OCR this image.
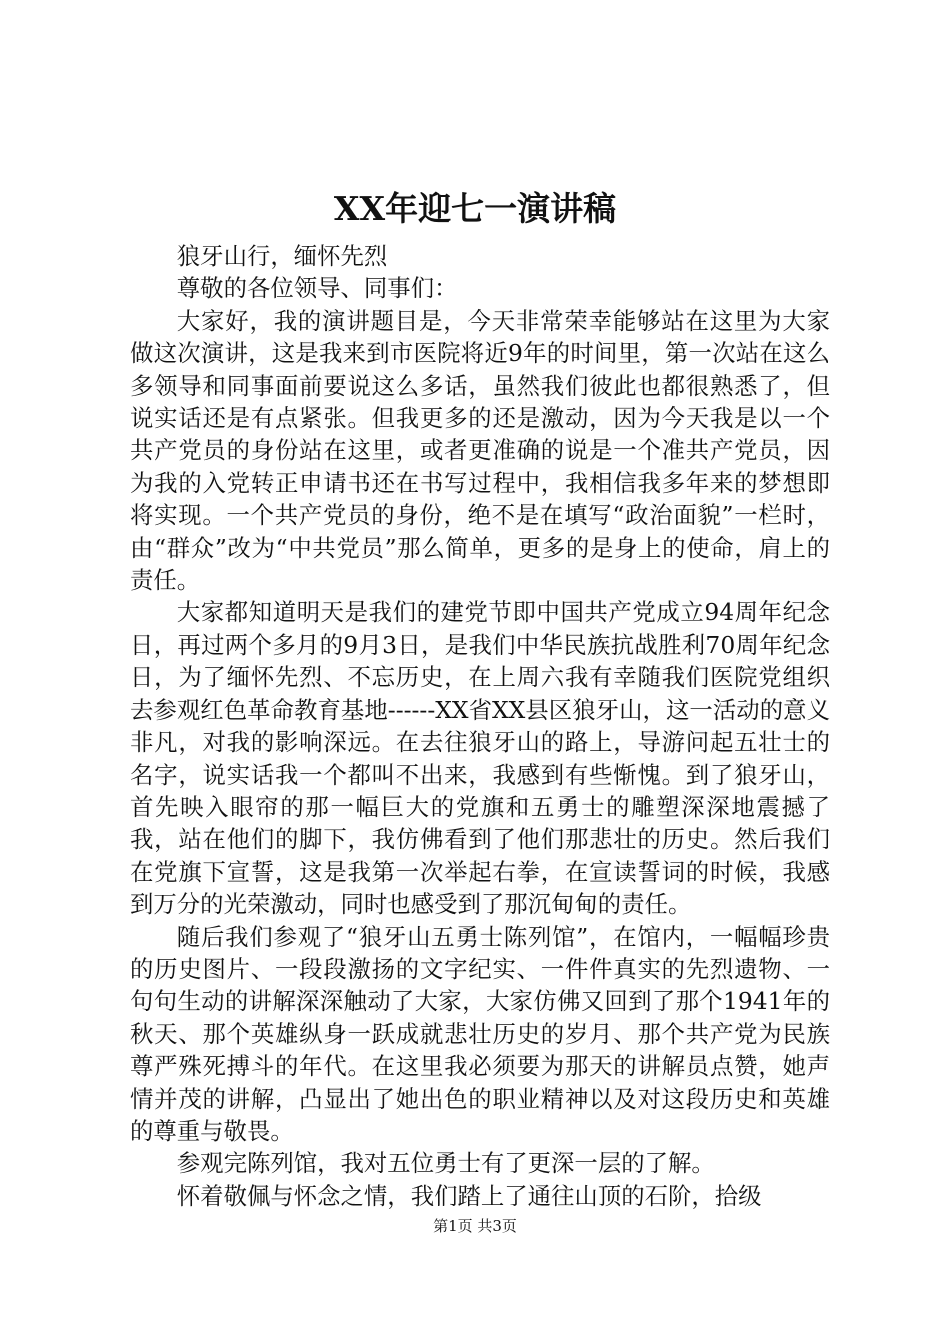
XX年迎七一演讲稿

狼牙山行，缅怀先烈

尊敬的各位领导、同事们：

大家好，我的演讲题目是，今天非常荣幸能够站在这里为大家做这次演讲，这是我来到市医院将近9年的时间里，第一次站在这么多领导和同事面前要说这么多话，虽然我们彼此也都很熟悉了，但说实话还是有点紧张。但我更多的还是激动，因为今天我是以一个共产党员的身份站在这里，或者更准确的说是一个准共产党员，因为我的入党转正申请书还在书写过程中，我相信我多年来的梦想即将实现。一个共产党员的身份，绝不是在填写“政治面貌”一栏时，由“群众”改为“中共党员”那么简单，更多的是身上的使命，肩上的责任。

大家都知道明天是我们的建党节即中国共产党成立94周年纪念日，再过两个多月的9月3日，是我们中华民族抗战胜利70周年纪念日，为了缅怀先烈、不忘历史，在上周六我有幸随我们医院党组织去参观红色革命教育基地------XX省XX县区狼牙山，这一活动的意义非凡，对我的影响深远。在去往狼牙山的路上，导游问起五壮士的名字，说实话我一个都叫不出来，我感到有些惭愧。到了狼牙山，首先映入眼帘的那一幅巨大的党旗和五勇士的雕塑深深地震撼了我，站在他们的脚下，我仿佛看到了他们那悲壮的历史。然后我们在党旗下宣誓，这是我第一次举起右拳，在宣读誓词的时候，我感到万分的光荣激动，同时也感受到了那沉甸甸的责任。

随后我们参观了“狼牙山五勇士陈列馆”，在馆内，一幅幅珍贵的历史图片、一段段激扬的文字纪实、一件件真实的先烈遗物、一句句生动的讲解深深触动了大家，大家仿佛又回到了那个1941年的秋天、那个英雄纵身一跃成就悲壮历史的岁月、那个共产党为民族尊严殊死搏斗的年代。在这里我必须要为那天的讲解员点赞，她声情并茂的讲解，凸显出了她出色的职业精神以及对这段历史和英雄的尊重与敬畏。

参观完陈列馆，我对五位勇士有了更深一层的了解。

怀着敬佩与怀念之情，我们踏上了通往山顶的石阶，拾级

第1页 共3页
